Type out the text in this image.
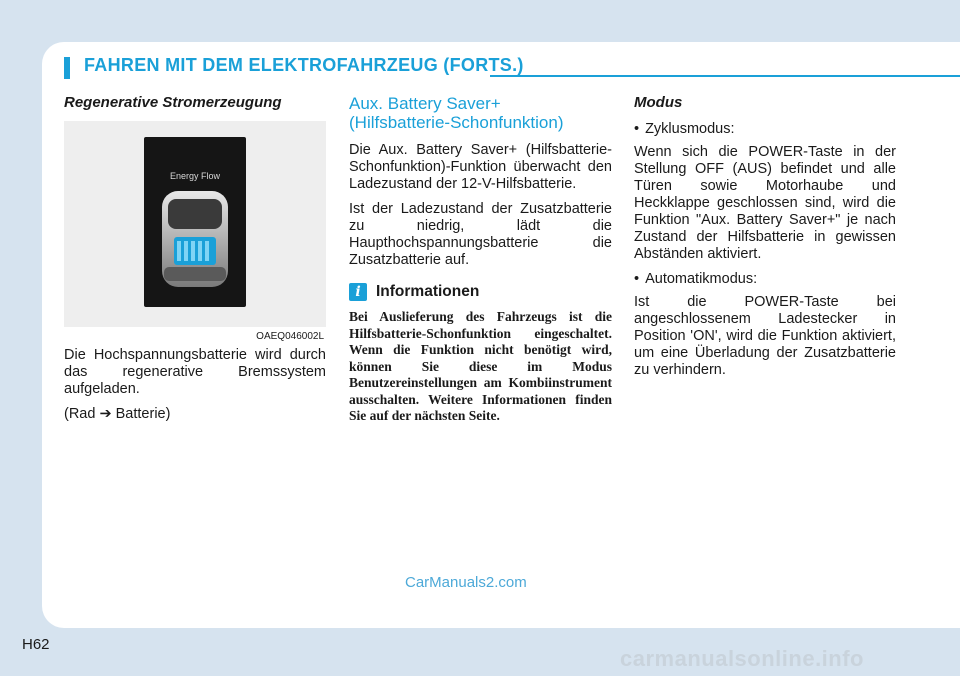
FAHREN MIT DEM ELEKTROFAHRZEUG (FORTS.)
Regenerative Stromerzeugung
Energy Flow
OAEQ046002L

Die Hochspannungsbatterie wird durch das regenerative Bremssystem aufgeladen.

(Rad ➔ Batterie)

Aux. Battery Saver+
(Hilfsbatterie-Schonfunktion)

Die Aux. Battery Saver+ (Hilfsbatterie-Schonfunktion)-Funktion überwacht den Ladezustand der 12-V-Hilfsbatterie.

Ist der Ladezustand der Zusatzbatterie zu niedrig, lädt die Haupthochspannungsbatterie die Zusatzbatterie auf.

i Informationen

Bei Auslieferung des Fahrzeugs ist die Hilfsbatterie-Schonfunktion eingeschaltet. Wenn die Funktion nicht benötigt wird, können Sie diese im Modus Benutzereinstellungen am Kombiinstrument ausschalten. Weitere Informationen finden Sie auf der nächsten Seite.

Modus

• Zyklusmodus:

Wenn sich die POWER-Taste in der Stellung OFF (AUS) befindet und alle Türen sowie Motorhaube und Heckklappe geschlossen sind, wird die Funktion "Aux. Battery Saver+" je nach Zustand der Hilfsbatterie in gewissen Abständen aktiviert.

• Automatikmodus:

Ist die POWER-Taste bei angeschlossenem Ladestecker in Position 'ON', wird die Funktion aktiviert, um eine Überladung der Zusatzbatterie zu verhindern.

CarManuals2.com
H62
carmanualsonline.info
